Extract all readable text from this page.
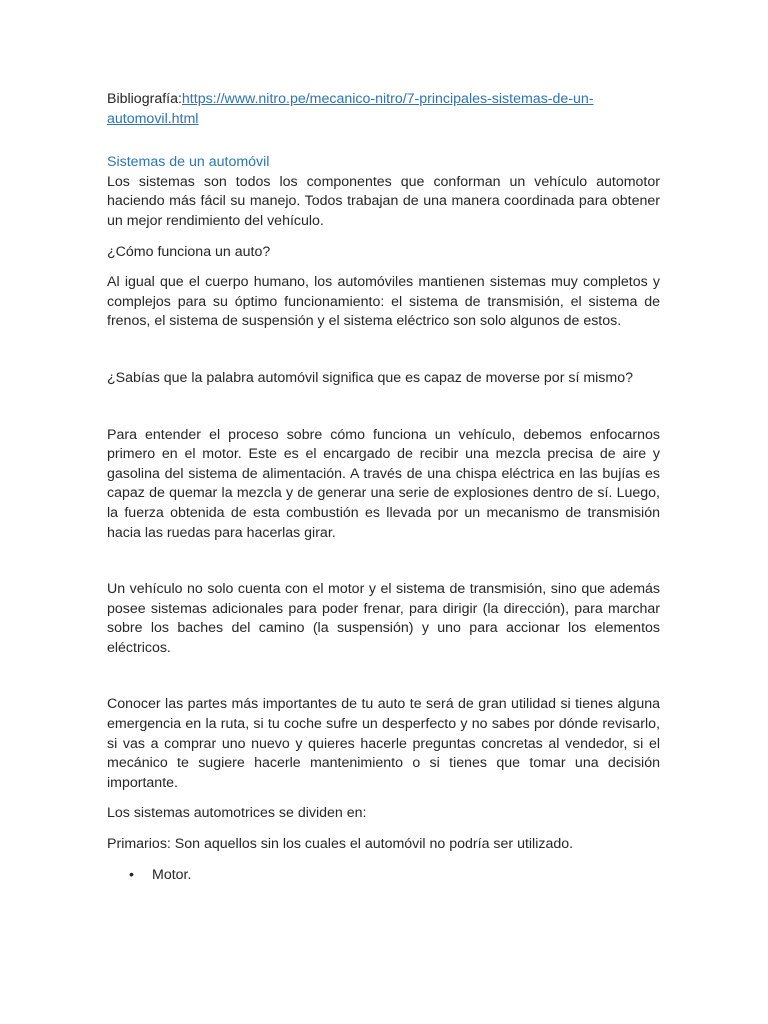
Bibliografía:https://www.nitro.pe/mecanico-nitro/7-principales-sistemas-de-un-automovil.html

Sistemas de un automóvil

Los sistemas son todos los componentes que conforman un vehículo automotor haciendo más fácil su manejo. Todos trabajan de una manera coordinada para obtener un mejor rendimiento del vehículo.

¿Cómo funciona un auto?

Al igual que el cuerpo humano, los automóviles mantienen sistemas muy completos y complejos para su óptimo funcionamiento: el sistema de transmisión, el sistema de frenos, el sistema de suspensión y el sistema eléctrico son solo algunos de estos.

¿Sabías que la palabra automóvil significa que es capaz de moverse por sí mismo?

Para entender el proceso sobre cómo funciona un vehículo, debemos enfocarnos primero en el motor. Este es el encargado de recibir una mezcla precisa de aire y gasolina del sistema de alimentación. A través de una chispa eléctrica en las bujías es capaz de quemar la mezcla y de generar una serie de explosiones dentro de sí. Luego, la fuerza obtenida de esta combustión es llevada por un mecanismo de transmisión hacia las ruedas para hacerlas girar.

Un vehículo no solo cuenta con el motor y el sistema de transmisión, sino que además posee sistemas adicionales para poder frenar, para dirigir (la dirección), para marchar sobre los baches del camino (la suspensión) y uno para accionar los elementos eléctricos.

Conocer las partes más importantes de tu auto te será de gran utilidad si tienes alguna emergencia en la ruta, si tu coche sufre un desperfecto y no sabes por dónde revisarlo, si vas a comprar uno nuevo y quieres hacerle preguntas concretas al vendedor, si el mecánico te sugiere hacerle mantenimiento o si tienes que tomar una decisión importante.

Los sistemas automotrices se dividen en:

Primarios: Son aquellos sin los cuales el automóvil no podría ser utilizado.

• Motor.
